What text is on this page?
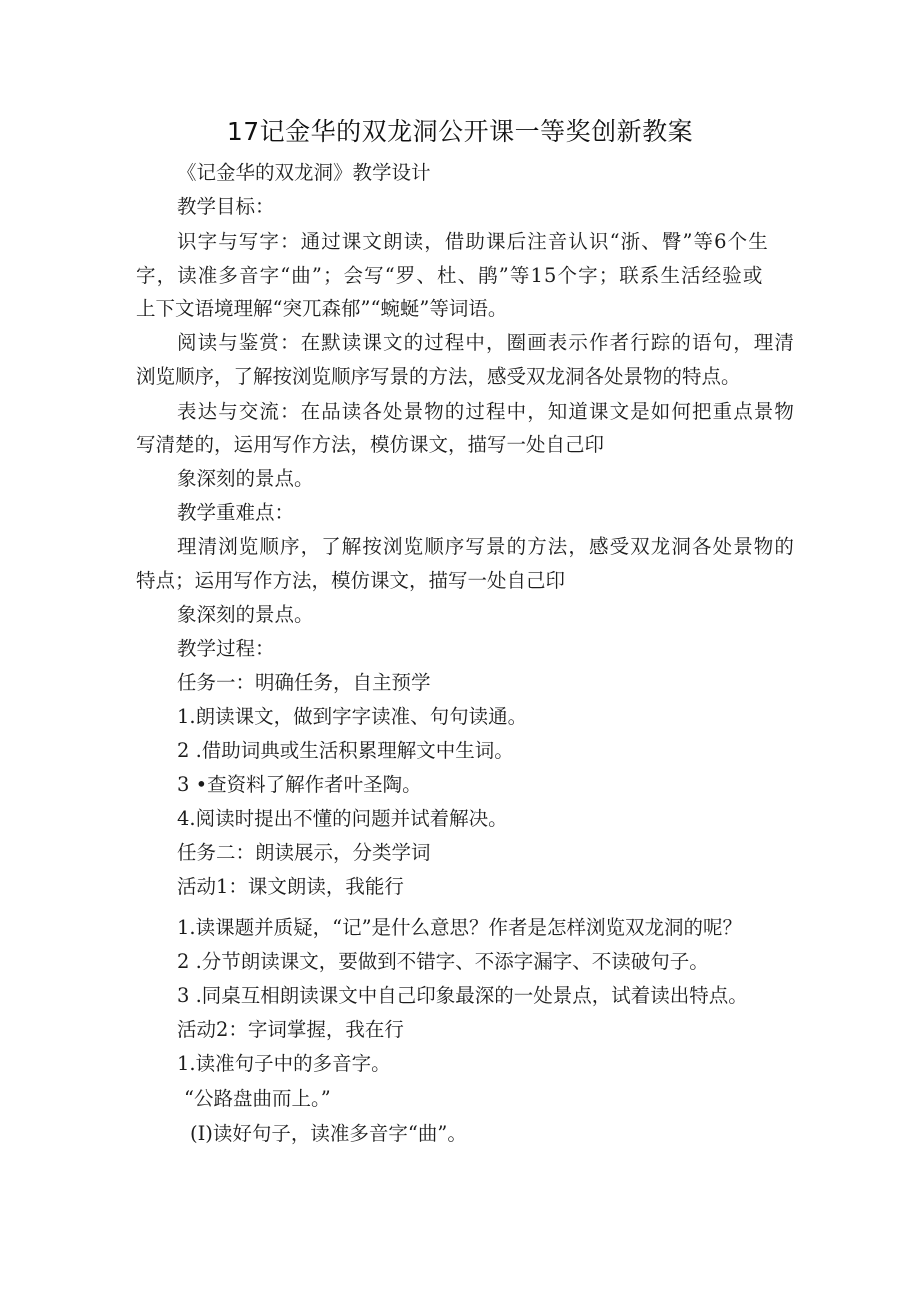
17记金华的双龙洞公开课一等奖创新教案
《记金华的双龙洞》教学设计
教学目标：
识字与写字：通过课文朗读，借助课后注音认识“浙、臀”等6个生
字，读准多音字“曲”；会写“罗、杜、鹃”等15个字；联系生活经验或
上下文语境理解“突兀森郁”“蜿蜒”等词语。
阅读与鉴赏：在默读课文的过程中，圈画表示作者行踪的语句，理清
浏览顺序，了解按浏览顺序写景的方法，感受双龙洞各处景物的特点。
表达与交流：在品读各处景物的过程中，知道课文是如何把重点景物
写清楚的，运用写作方法，模仿课文，描写一处自己印
象深刻的景点。
教学重难点：
理清浏览顺序，了解按浏览顺序写景的方法，感受双龙洞各处景物的
特点；运用写作方法，模仿课文，描写一处自己印
象深刻的景点。
教学过程：
任务一：明确任务，自主预学
1.朗读课文，做到字字读准、句句读通。
2 .借助词典或生活积累理解文中生词。
3 •查资料了解作者叶圣陶。
4.阅读时提出不懂的问题并试着解决。
任务二：朗读展示，分类学词
活动1：课文朗读，我能行
1.读课题并质疑，“记”是什么意思？作者是怎样浏览双龙洞的呢？
2 .分节朗读课文，要做到不错字、不添字漏字、不读破句子。
3 .同桌互相朗读课文中自己印象最深的一处景点，试着读出特点。
活动2：字词掌握，我在行
1.读准句子中的多音字。
“公路盘曲而上。”
(I)读好句子，读准多音字“曲”。
